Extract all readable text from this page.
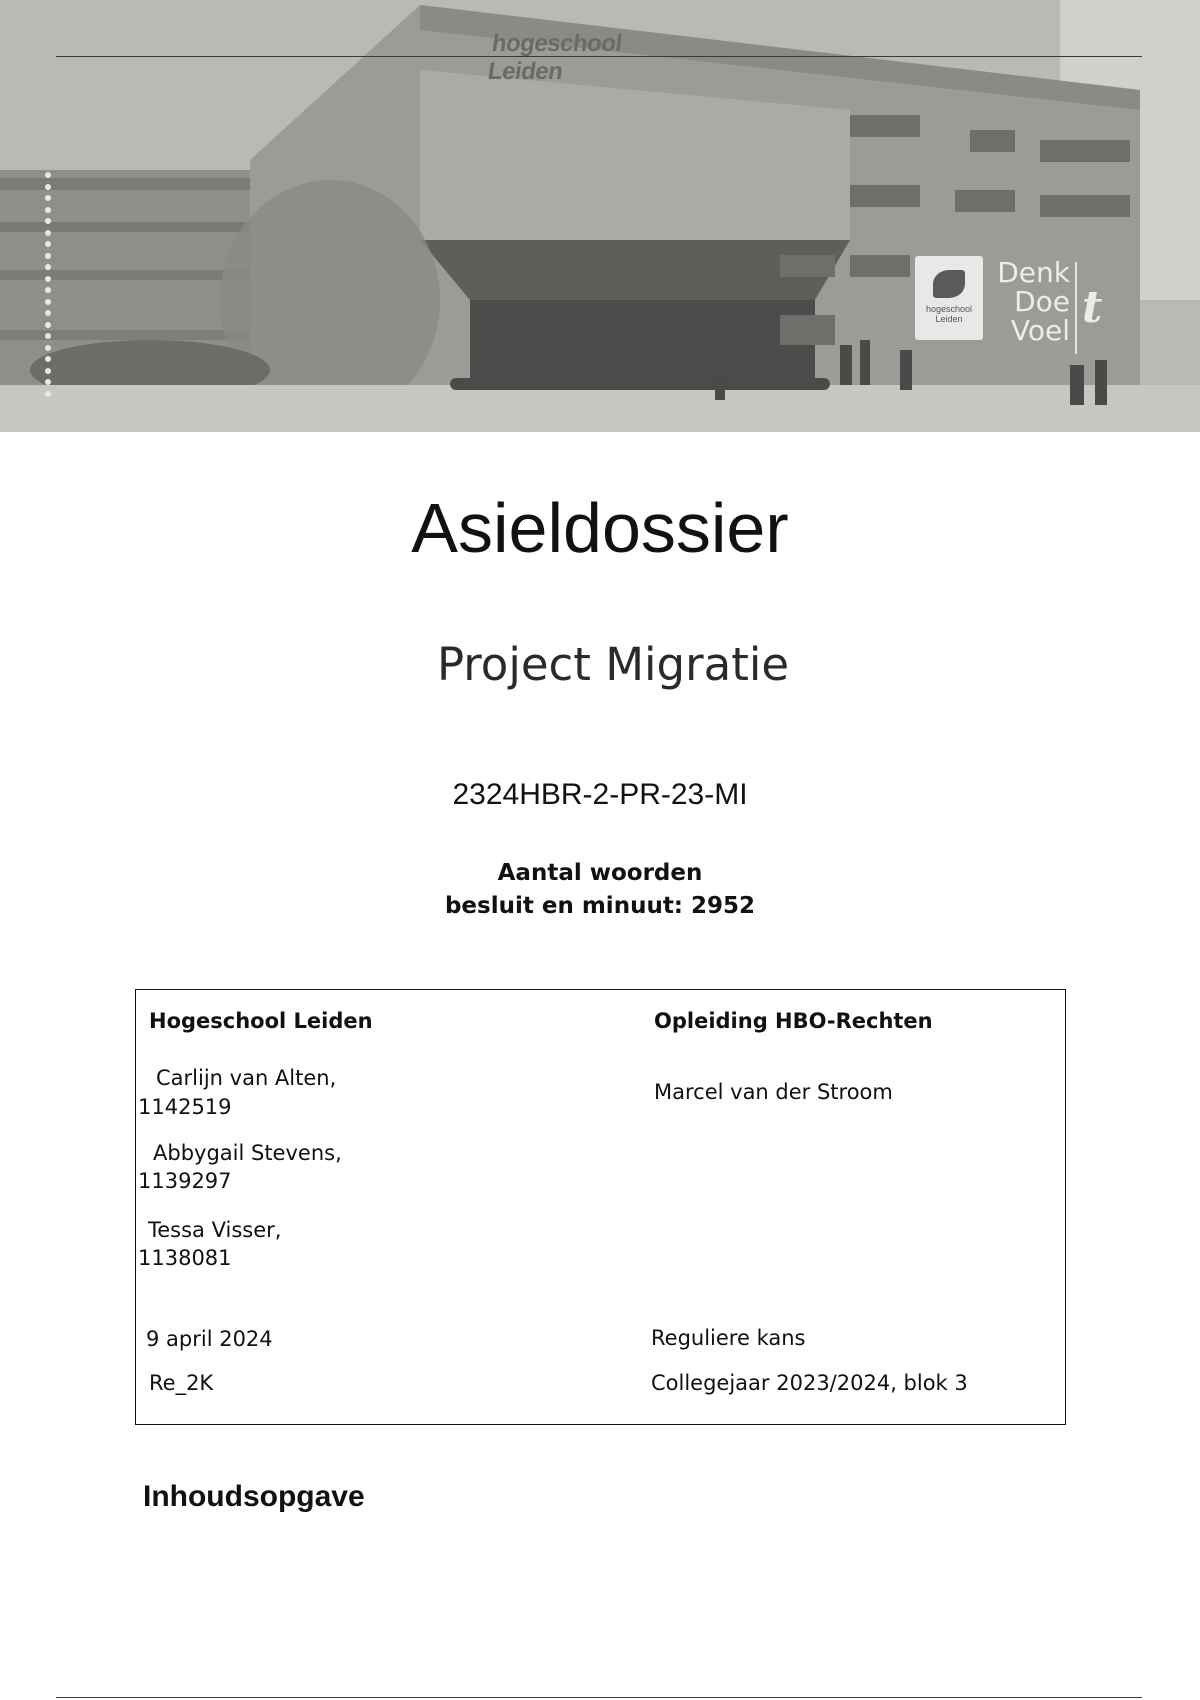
hogeschool Leiden
hogeschool Leiden
Denk
Doe
Voel t
Asieldossier
Project Migratie
2324HBR-2-PR-23-MI
Aantal woorden
besluit en minuut: 2952
Hogeschool Leiden	Opleiding HBO-Rechten
Carlijn van Alten,
1142519
Abbygail Stevens,
1139297
Tessa Visser,
1138081
Marcel van der Stroom
9 april 2024
Re_2K
Reguliere kans
Collegejaar 2023/2024, blok 3
Inhoudsopgave
